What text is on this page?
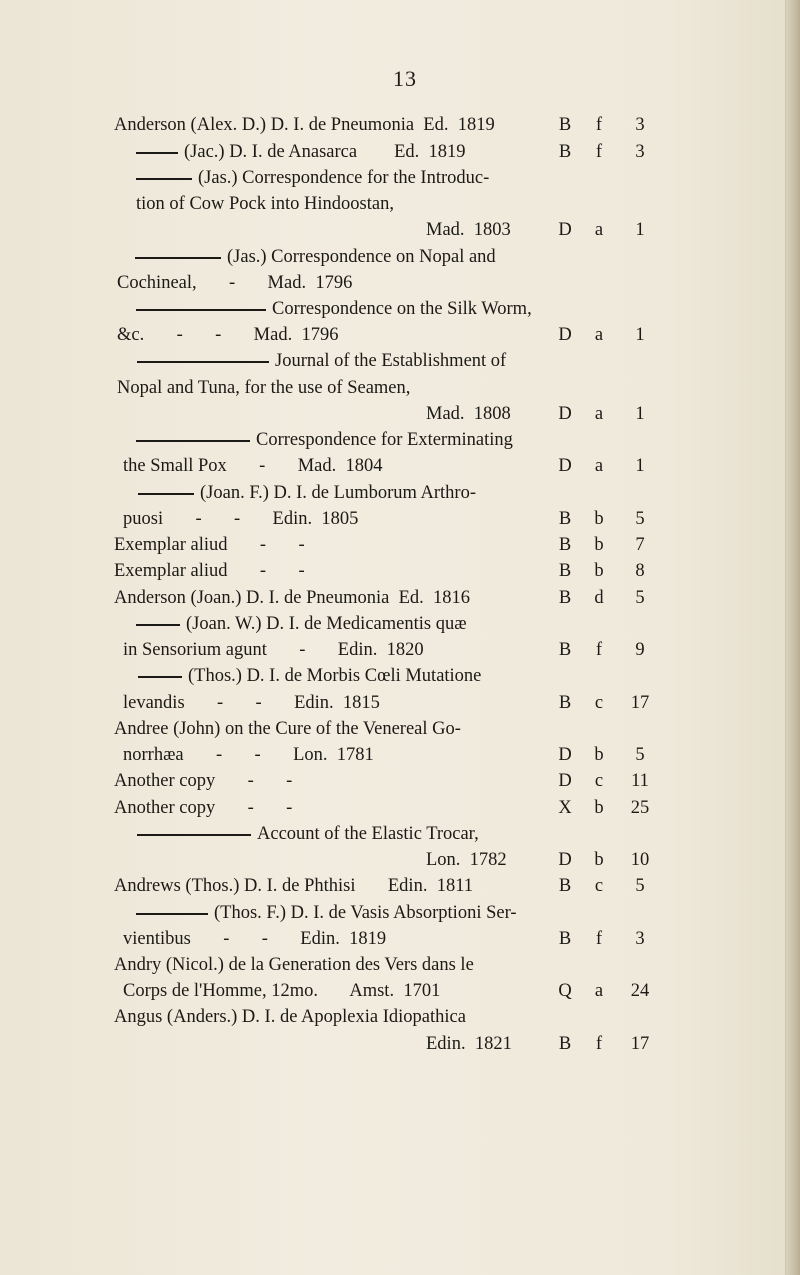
13
Anderson (Alex. D.) D. I. de Pneumonia  Ed.  1819	B	f	3
(Jac.) D. I. de Anasarca        Ed.  1819	B	f	3
(Jas.) Correspondence for the Introduc-
tion of Cow Pock into Hindoostan,
Mad.  1803	D	a	1
(Jas.) Correspondence on Nopal and
Cochineal,       -       Mad.  1796
Correspondence on the Silk Worm,
&c.       -       -       Mad.  1796	D	a	1
Journal of the Establishment of
Nopal and Tuna, for the use of Seamen,
Mad.  1808	D	a	1
Correspondence for Exterminating
the Small Pox       -       Mad.  1804	D	a	1
(Joan. F.) D. I. de Lumborum Arthro-
puosi       -       -       Edin.  1805	B	b	5
Exemplar aliud       -       -	B	b	7
Exemplar aliud       -       -	B	b	8
Anderson (Joan.) D. I. de Pneumonia  Ed.  1816	B	d	5
(Joan. W.) D. I. de Medicamentis quæ
in Sensorium agunt       -       Edin.  1820	B	f	9
(Thos.) D. I. de Morbis Cœli Mutatione
levandis       -       -       Edin.  1815	B	c	17
Andree (John) on the Cure of the Venereal Go-
norrhæa       -       -       Lon.  1781	D	b	5
Another copy       -       -	D	c	11
Another copy       -       -	X	b	25
Account of the Elastic Trocar,
Lon.  1782	D	b	10
Andrews (Thos.) D. I. de Phthisi       Edin.  1811	B	c	5
(Thos. F.) D. I. de Vasis Absorptioni Ser-
vientibus       -       -       Edin.  1819	B	f	3
Andry (Nicol.) de la Generation des Vers dans le
Corps de l'Homme, 12mo.       Amst.  1701	Q	a	24
Angus (Anders.) D. I. de Apoplexia Idiopathica
Edin.  1821	B	f	17
